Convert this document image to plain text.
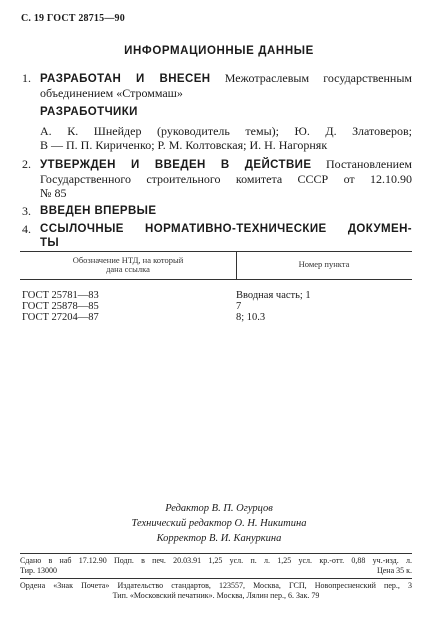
С. 19 ГОСТ 28715—90
ИНФОРМАЦИОННЫЕ ДАННЫЕ
1. РАЗРАБОТАН И ВНЕСЕН Межотраслевым государственным
объединением «Строммаш»
РАЗРАБОТЧИКИ
А. К. Шнейдер (руководитель темы); Ю. Д. Златоверов;
В — П. П. Кириченко; Р. М. Колтовская; И. Н. Нагорняк
2. УТВЕРЖДЕН И ВВЕДЕН В ДЕЙСТВИЕ Постановлением
Государственного строительного комитета СССР от 12.10.90
№ 85
3. ВВЕДЕН ВПЕРВЫЕ
4. ССЫЛОЧНЫЕ НОРМАТИВНО-ТЕХНИЧЕСКИЕ ДОКУМЕН-
ТЫ
Обозначение НТД, на который
дана ссылка	Номер пункта
ГОСТ 25781—83	Вводная часть; 1
ГОСТ 25878—85	7
ГОСТ 27204—87	8; 10.3
Редактор В. П. Огурцов
Технический редактор О. Н. Никитина
Корректор В. И. Кануркина
Сдано в наб 17.12.90 Подп. в печ. 20.03.91 1,25 усл. п. л. 1,25 усл. кр.-отт. 0,88 уч.-изд. л.
Тир. 13000	Цена 35 к.
Ордена «Знак Почета» Издательство стандартов, 123557, Москва, ГСП, Новопресненский пер., 3
Тип. «Московский печатник». Москва, Лялин пер., 6. Зак. 79
